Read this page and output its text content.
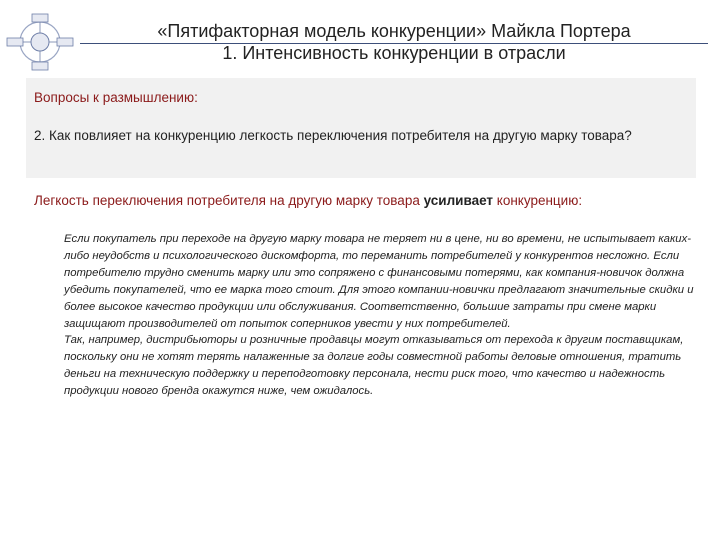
«Пятифакторная модель конкуренции» Майкла Портера
1. Интенсивность конкуренции в отрасли
Вопросы к размышлению:
2. Как повлияет на конкуренцию легкость переключения потребителя на другую марку товара?
Легкость переключения потребителя на другую марку товара усиливает конкуренцию:

Если покупатель при переходе на другую марку товара не теряет ни в цене, ни во времени, не испытывает каких-либо неудобств и психологического дискомфорта, то переманить потребителей у конкурентов несложно. Если потребителю трудно сменить марку или это сопряжено с финансовыми потерями, как компания-новичок должна убедить покупателей, что ее марка того стоит. Для этого компании-новички предлагают значительные скидки и более высокое качество продукции или обслуживания. Соответственно, большие затраты при смене марки защищают производителей от попыток соперников увести у них потребителей.

Так, например, дистрибьюторы и розничные продавцы могут отказываться от перехода к другим поставщикам, поскольку они не хотят терять налаженные за долгие годы совместной работы деловые отношения, тратить деньги на техническую поддержку и переподготовку персонала, нести риск того, что качество и надежность продукции нового бренда окажутся ниже, чем ожидалось.
